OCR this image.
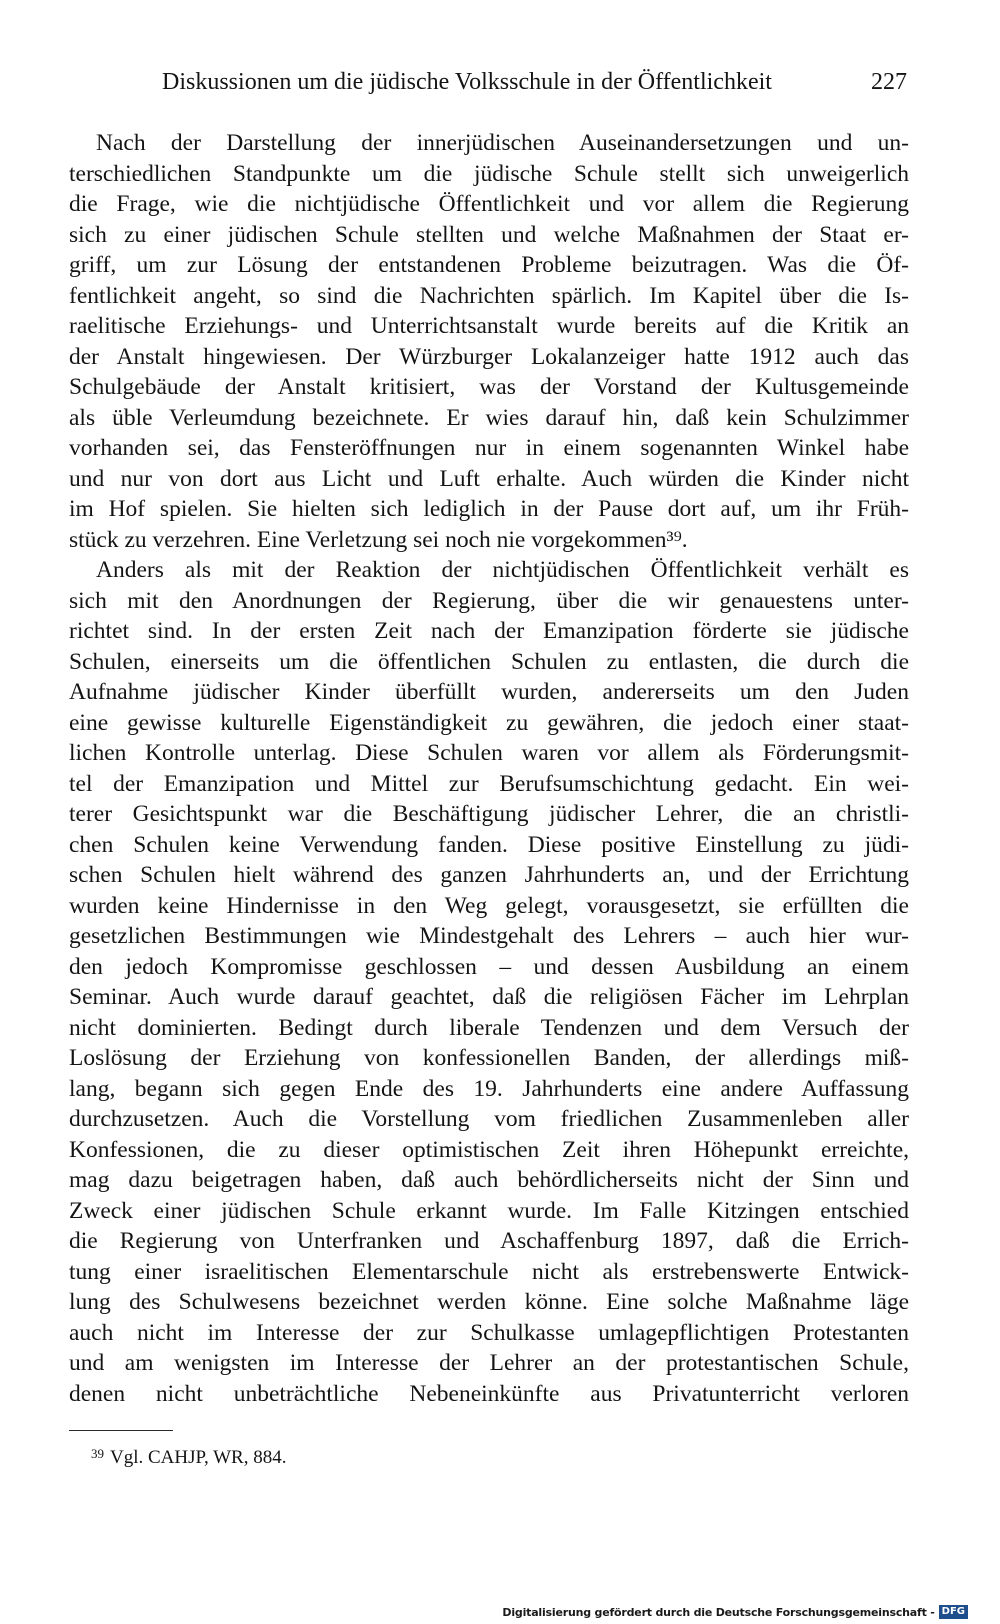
Diskussionen um die jüdische Volksschule in der Öffentlichkeit	227
Nach der Darstellung der innerjüdischen Auseinandersetzungen und un-
terschiedlichen Standpunkte um die jüdische Schule stellt sich unweigerlich
die Frage, wie die nichtjüdische Öffentlichkeit und vor allem die Regierung
sich zu einer jüdischen Schule stellten und welche Maßnahmen der Staat er-
griff, um zur Lösung der entstandenen Probleme beizutragen. Was die Öf-
fentlichkeit angeht, so sind die Nachrichten spärlich. Im Kapitel über die Is-
raelitische Erziehungs- und Unterrichtsanstalt wurde bereits auf die Kritik an
der Anstalt hingewiesen. Der Würzburger Lokalanzeiger hatte 1912 auch das
Schulgebäude der Anstalt kritisiert, was der Vorstand der Kultusgemeinde
als üble Verleumdung bezeichnete. Er wies darauf hin, daß kein Schulzimmer
vorhanden sei, das Fensteröffnungen nur in einem sogenannten Winkel habe
und nur von dort aus Licht und Luft erhalte. Auch würden die Kinder nicht
im Hof spielen. Sie hielten sich lediglich in der Pause dort auf, um ihr Früh-
stück zu verzehren. Eine Verletzung sei noch nie vorgekommen³⁹.
Anders als mit der Reaktion der nichtjüdischen Öffentlichkeit verhält es
sich mit den Anordnungen der Regierung, über die wir genauestens unter-
richtet sind. In der ersten Zeit nach der Emanzipation förderte sie jüdische
Schulen, einerseits um die öffentlichen Schulen zu entlasten, die durch die
Aufnahme jüdischer Kinder überfüllt wurden, andererseits um den Juden
eine gewisse kulturelle Eigenständigkeit zu gewähren, die jedoch einer staat-
lichen Kontrolle unterlag. Diese Schulen waren vor allem als Förderungsmit-
tel der Emanzipation und Mittel zur Berufsumschichtung gedacht. Ein wei-
terer Gesichtspunkt war die Beschäftigung jüdischer Lehrer, die an christli-
chen Schulen keine Verwendung fanden. Diese positive Einstellung zu jüdi-
schen Schulen hielt während des ganzen Jahrhunderts an, und der Errichtung
wurden keine Hindernisse in den Weg gelegt, vorausgesetzt, sie erfüllten die
gesetzlichen Bestimmungen wie Mindestgehalt des Lehrers – auch hier wur-
den jedoch Kompromisse geschlossen – und dessen Ausbildung an einem
Seminar. Auch wurde darauf geachtet, daß die religiösen Fächer im Lehrplan
nicht dominierten. Bedingt durch liberale Tendenzen und dem Versuch der
Loslösung der Erziehung von konfessionellen Banden, der allerdings miß-
lang, begann sich gegen Ende des 19. Jahrhunderts eine andere Auffassung
durchzusetzen. Auch die Vorstellung vom friedlichen Zusammenleben aller
Konfessionen, die zu dieser optimistischen Zeit ihren Höhepunkt erreichte,
mag dazu beigetragen haben, daß auch behördlicherseits nicht der Sinn und
Zweck einer jüdischen Schule erkannt wurde. Im Falle Kitzingen entschied
die Regierung von Unterfranken und Aschaffenburg 1897, daß die Errich-
tung einer israelitischen Elementarschule nicht als erstrebenswerte Entwick-
lung des Schulwesens bezeichnet werden könne. Eine solche Maßnahme läge
auch nicht im Interesse der zur Schulkasse umlagepflichtigen Protestanten
und am wenigsten im Interesse der Lehrer an der protestantischen Schule,
denen nicht unbeträchtliche Nebeneinkünfte aus Privatunterricht verloren
$^{39}$ Vgl. CAHJP, WR, 884.
Digitalisierung gefördert durch die Deutsche Forschungsgemeinschaft - DFG
